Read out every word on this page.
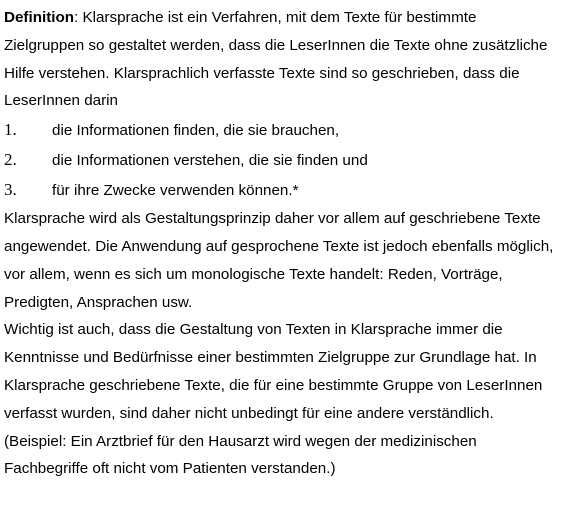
Definition: Klarsprache ist ein Verfahren, mit dem Texte für bestimmte Zielgruppen so gestaltet werden, dass die LeserInnen die Texte ohne zusätzliche Hilfe verstehen. Klarsprachlich verfasste Texte sind so geschrieben, dass die LeserInnen darin

1.	die Informationen finden, die sie brauchen,
2.	die Informationen verstehen, die sie finden und
3.	für ihre Zwecke verwenden können.*

Klarsprache wird als Gestaltungsprinzip daher vor allem auf geschriebene Texte angewendet. Die Anwendung auf gesprochene Texte ist jedoch ebenfalls möglich, vor allem, wenn es sich um monologische Texte handelt: Reden, Vorträge, Predigten, Ansprachen usw.

Wichtig ist auch, dass die Gestaltung von Texten in Klarsprache immer die Kenntnisse und Bedürfnisse einer bestimmten Zielgruppe zur Grundlage hat. In Klarsprache geschriebene Texte, die für eine bestimmte Gruppe von LeserInnen verfasst wurden, sind daher nicht unbedingt für eine andere verständlich. (Beispiel: Ein Arztbrief für den Hausarzt wird wegen der medizinischen Fachbegriffe oft nicht vom Patienten verstanden.)
